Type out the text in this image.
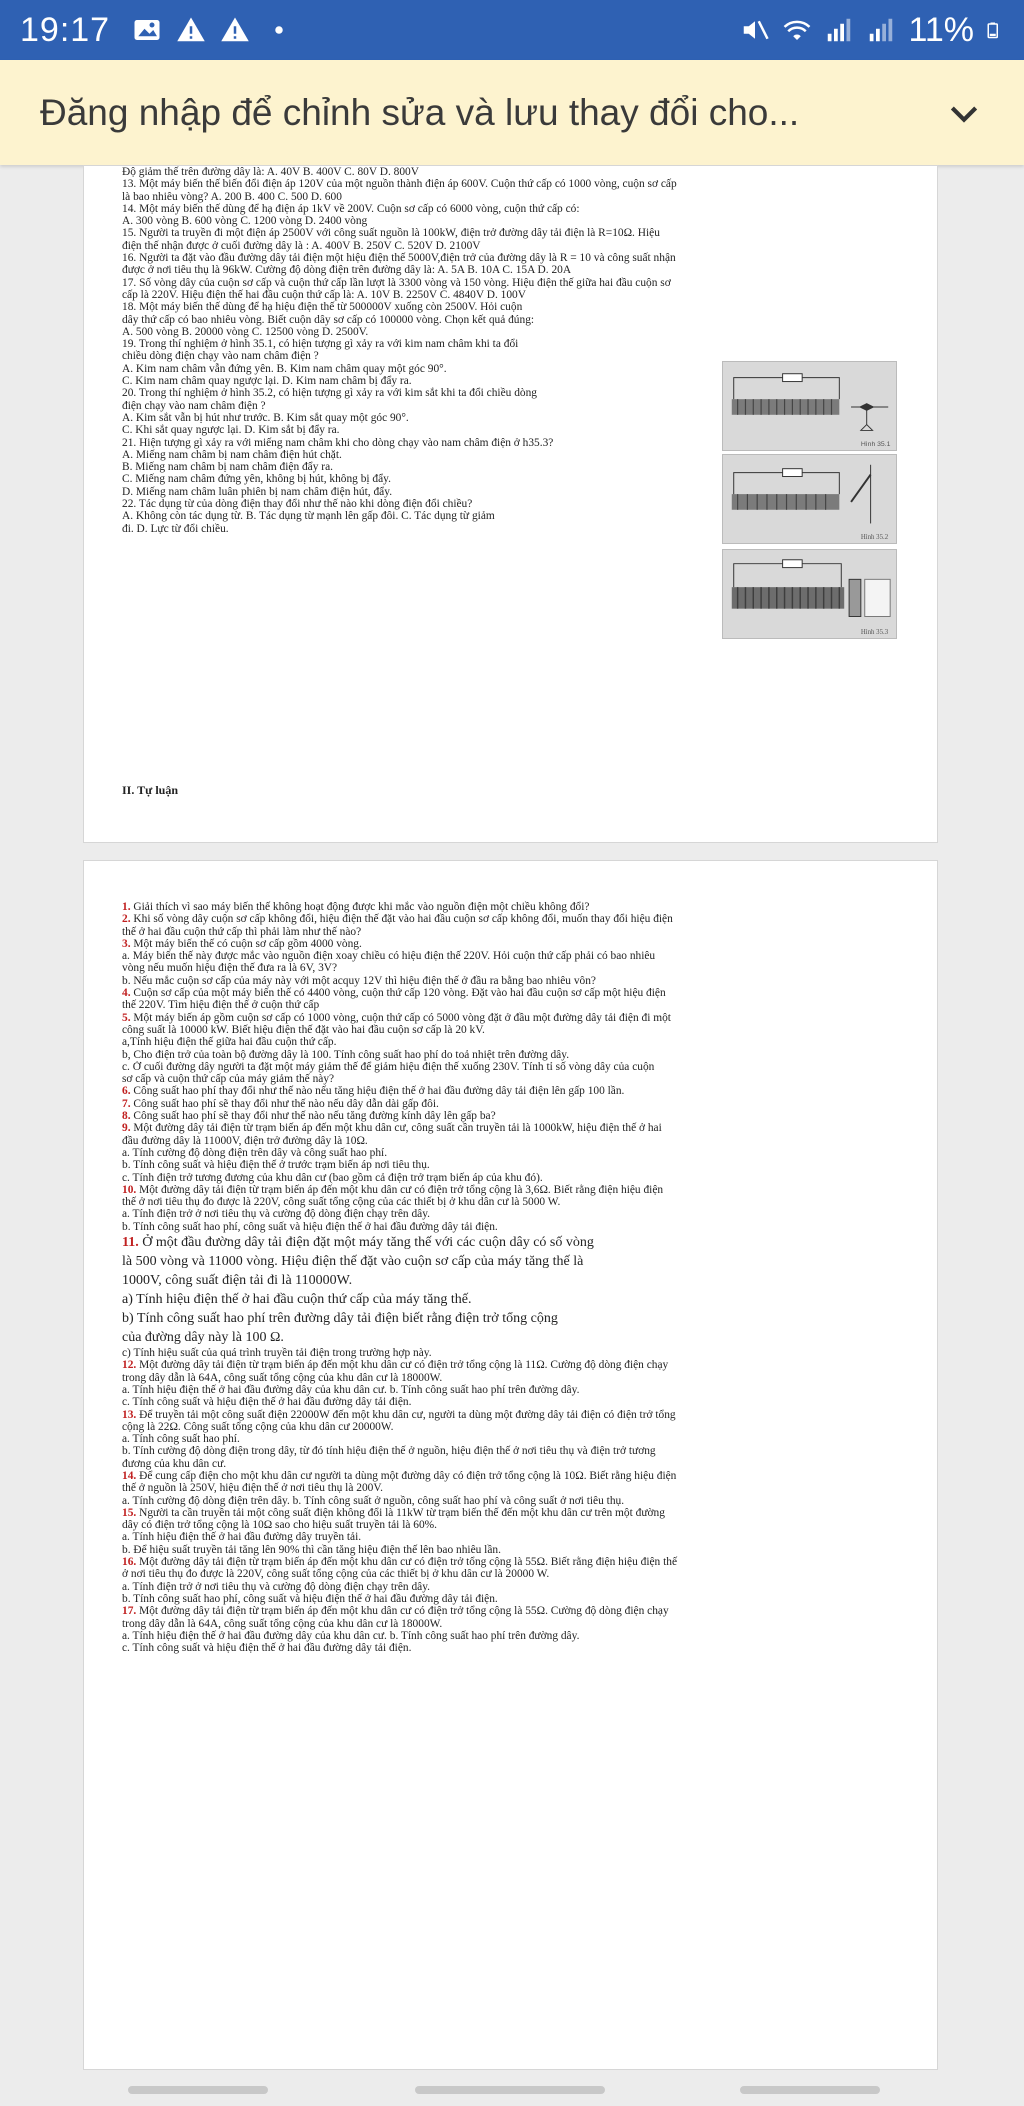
19:17	11%
Đăng nhập để chỉnh sửa và lưu thay đổi cho...
Độ giảm thế trên đường dây là: A. 40V B. 400V C. 80V D. 800V
13. Một máy biến thế biến đổi điện áp 120V của một nguồn thành điện áp 600V. Cuộn thứ cấp có 1000 vòng, cuộn sơ cấp
là bao nhiêu vòng? A. 200 B. 400 C. 500 D. 600
14. Một máy biến thế dùng để hạ điện áp 1kV về 200V. Cuộn sơ cấp có 6000 vòng, cuộn thứ cấp có:
A. 300 vòng B. 600 vòng C. 1200 vòng D. 2400 vòng
15. Người ta truyền đi một điện áp 2500V với công suất nguồn là 100kW, điện trở đường dây tải điện là R=10Ω. Hiệu
điện thế nhận được ở cuối đường dây là : A. 400V B. 250V C. 520V D. 2100V
16. Người ta đặt vào đầu đường dây tải điện một hiệu điện thế 5000V,điện trở của đường dây là R = 10 và công suất nhận
được ở nơi tiêu thụ là 96kW. Cường độ dòng điện trên đường dây là: A. 5A B. 10A C. 15A D. 20A
17. Số vòng dây của cuộn sơ cấp và cuộn thứ cấp lần lượt là 3300 vòng và 150 vòng. Hiệu điện thế giữa hai đầu cuộn sơ
cấp là 220V. Hiệu điện thế hai đầu cuộn thứ cấp là: A. 10V B. 2250V C. 4840V D. 100V
18. Một máy biến thế dùng để hạ hiệu điện thế từ 500000V xuống còn 2500V. Hỏi cuộn
dây thứ cấp có bao nhiêu vòng. Biết cuộn dây sơ cấp có 100000 vòng. Chọn kết quả đúng:
A. 500 vòng B. 20000 vòng C. 12500 vòng D. 2500V.
19. Trong thí nghiệm ở hình 35.1, có hiện tượng gì xảy ra với kim nam châm khi ta đổi
chiều dòng điện chạy vào nam châm điện ?
A. Kim nam châm vẫn đứng yên. B. Kim nam châm quay một góc 90°.
C. Kim nam châm quay ngược lại. D. Kim nam châm bị đẩy ra.
20. Trong thí nghiệm ở hình 35.2, có hiện tượng gì xảy ra với kim sắt khi ta đổi chiều dòng
điện chạy vào nam châm điện ?
A. Kim sắt vẫn bị hút như trước. B. Kim sắt quay một góc 90°.
C. Khi sắt quay ngược lại. D. Kim sắt bị đẩy ra.
21. Hiện tượng gì xảy ra với miếng nam châm khi cho dòng chạy vào nam châm điện ở h35.3?
A. Miếng nam châm bị nam châm điện hút chặt.
B. Miếng nam châm bị nam châm điện đẩy ra.
C. Miếng nam châm đứng yên, không bị hút, không bị đẩy.
D. Miếng nam châm luân phiên bị nam châm điện hút, đẩy.
22. Tác dụng từ của dòng điện thay đổi như thế nào khi dòng điện đổi chiều?
A. Không còn tác dụng từ. B. Tác dụng từ mạnh lên gấp đôi. C. Tác dụng từ giảm
đi. D. Lực từ đổi chiều.
Hình 35.1
Hình 35.2
Hình 35.3
II. Tự luận
1. Giải thích vì sao máy biến thế không hoạt động được khi mắc vào nguồn điện một chiều không đổi?
2. Khi số vòng dây cuộn sơ cấp không đổi, hiệu điện thế đặt vào hai đầu cuộn sơ cấp không đổi, muốn thay đổi hiệu điện
thế ở hai đầu cuộn thứ cấp thì phải làm như thế nào?
3. Một máy biến thế có cuộn sơ cấp gồm 4000 vòng.
a. Máy biến thế này được mắc vào nguồn điện xoay chiều có hiệu điện thế 220V. Hỏi cuộn thứ cấp phải có bao nhiêu
vòng nếu muốn hiệu điện thế đưa ra là 6V, 3V?
b. Nếu mắc cuộn sơ cấp của máy này với một acquy 12V thì hiệu điện thế ở đầu ra bằng bao nhiêu vôn?
4. Cuộn sơ cấp của một máy biến thế có 4400 vòng, cuộn thứ cấp 120 vòng. Đặt vào hai đầu cuộn sơ cấp một hiệu điện
thế 220V. Tìm hiệu điện thế ở cuộn thứ cấp
5. Một máy biến áp gồm cuộn sơ cấp có 1000 vòng, cuộn thứ cấp có 5000 vòng đặt ở đầu một đường dây tải điện đi một
công suất là 10000 kW. Biết hiệu điện thế đặt vào hai đầu cuộn sơ cấp là 20 kV.
a,Tính hiệu điện thế giữa hai đầu cuộn thứ cấp.
b, Cho điện trở của toàn bộ đường dây là 100. Tính công suất hao phí do toả nhiệt trên đường dây.
c. Ở cuối đường dây người ta đặt một máy giảm thế để giảm hiệu điện thế xuống 230V. Tính tỉ số vòng dây của cuộn
sơ cấp và cuộn thứ cấp của máy giảm thế này?
6. Công suất hao phí thay đổi như thế nào nếu tăng hiệu điện thế ở hai đầu đường dây tải điện lên gấp 100 lần.
7. Công suất hao phí sẽ thay đổi như thế nào nếu dây dẫn dài gấp đôi.
8. Công suất hao phí sẽ thay đổi như thế nào nếu tăng đường kính dây lên gấp ba?
9. Một đường dây tải điện từ trạm biến áp đến một khu dân cư, công suất cần truyền tải là 1000kW, hiệu điện thế ở hai
đầu đường dây là 11000V, điện trở đường dây là 10Ω.
a. Tính cường độ dòng điện trên dây và công suất hao phí.
b. Tính công suất và hiệu điện thế ở trước trạm biến áp nơi tiêu thụ.
c. Tính điện trở tương đương của khu dân cư (bao gồm cả điện trở trạm biến áp của khu đó).
10. Một đường dây tải điện từ trạm biến áp đến một khu dân cư có điện trở tổng cộng là 3,6Ω. Biết rằng điện hiệu điện
thế ở nơi tiêu thụ đo được là 220V, công suất tổng cộng của các thiết bị ở khu dân cư là 5000 W.
a. Tính điện trở ở nơi tiêu thụ và cường độ dòng điện chạy trên dây.
b. Tính công suất hao phí, công suất và hiệu điện thế ở hai đầu đường dây tải điện.
11. Ở một đầu đường dây tải điện đặt một máy tăng thế với các cuộn dây có số vòng
là 500 vòng và 11000 vòng. Hiệu điện thế đặt vào cuộn sơ cấp của máy tăng thế là
1000V, công suất điện tải đi là 110000W.
a) Tính hiệu điện thế ở hai đầu cuộn thứ cấp của máy tăng thế.
b) Tính công suất hao phí trên đường dây tải điện biết rằng điện trở tổng cộng
của đường dây này là 100 Ω.
c) Tính hiệu suất của quá trình truyền tải điện trong trường hợp này.
12. Một đường dây tải điện từ trạm biến áp đến một khu dân cư có điện trở tổng cộng là 11Ω. Cường độ dòng điện chạy
trong dây dẫn là 64A, công suất tổng cộng của khu dân cư là 18000W.
a. Tính hiệu điện thế ở hai đầu đường dây của khu dân cư. b. Tính công suất hao phí trên đường dây.
c. Tính công suất và hiệu điện thế ở hai đầu đường dây tải điện.
13. Để truyền tải một công suất điện 22000W đến một khu dân cư, người ta dùng một đường dây tải điện có điện trở tổng
cộng là 22Ω. Công suất tổng cộng của khu dân cư 20000W.
a. Tính công suất hao phí.
b. Tính cường độ dòng điện trong dây, từ đó tính hiệu điện thế ở nguồn, hiệu điện thế ở nơi tiêu thụ và điện trở tương
đương của khu dân cư.
14. Để cung cấp điện cho một khu dân cư người ta dùng một đường dây có điện trở tổng cộng là 10Ω. Biết rằng hiệu điện
thế ở nguồn là 250V, hiệu điện thế ở nơi tiêu thụ là 200V.
a. Tính cường độ dòng điện trên dây. b. Tính công suất ở nguồn, công suất hao phí và công suất ở nơi tiêu thụ.
15. Người ta cần truyền tải một công suất điện không đổi là 11kW từ trạm biến thế đến một khu dân cư trên một đường
dây có điện trở tổng cộng là 10Ω sao cho hiệu suất truyền tải là 60%.
a. Tính hiệu điện thế ở hai đầu đường dây truyền tải.
b. Để hiệu suất truyền tải tăng lên 90% thì cần tăng hiệu điện thế lên bao nhiêu lần.
16. Một đường dây tải điện từ trạm biến áp đến một khu dân cư có điện trở tổng cộng là 55Ω. Biết rằng điện hiệu điện thế
ở nơi tiêu thụ đo được là 220V, công suất tổng cộng của các thiết bị ở khu dân cư là 20000 W.
a. Tính điện trở ở nơi tiêu thụ và cường độ dòng điện chạy trên dây.
b. Tính công suất hao phí, công suất và hiệu điện thế ở hai đầu đường dây tải điện.
17. Một đường dây tải điện từ trạm biến áp đến một khu dân cư có điện trở tổng cộng là 55Ω. Cường độ dòng điện chạy
trong dây dẫn là 64A, công suất tổng cộng của khu dân cư là 18000W.
a. Tính hiệu điện thế ở hai đầu đường dây của khu dân cư. b. Tính công suất hao phí trên đường dây.
c. Tính công suất và hiệu điện thế ở hai đầu đường dây tải điện.
